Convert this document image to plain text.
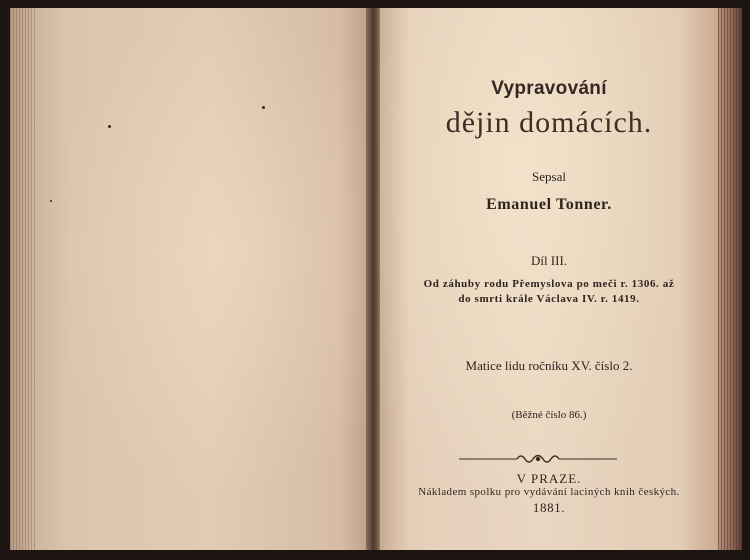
Vypravování
dějin domácích.
Sepsal
Emanuel Tonner.
Díl III.
Od záhuby rodu Přemyslova po meči r. 1306. až
do smrti krále Václava IV. r. 1419.
Matice lidu ročníku XV. číslo 2.
(Běžné číslo 86.)
V PRAZE.
Nákladem spolku pro vydávání laciných knih českých.
1881.
